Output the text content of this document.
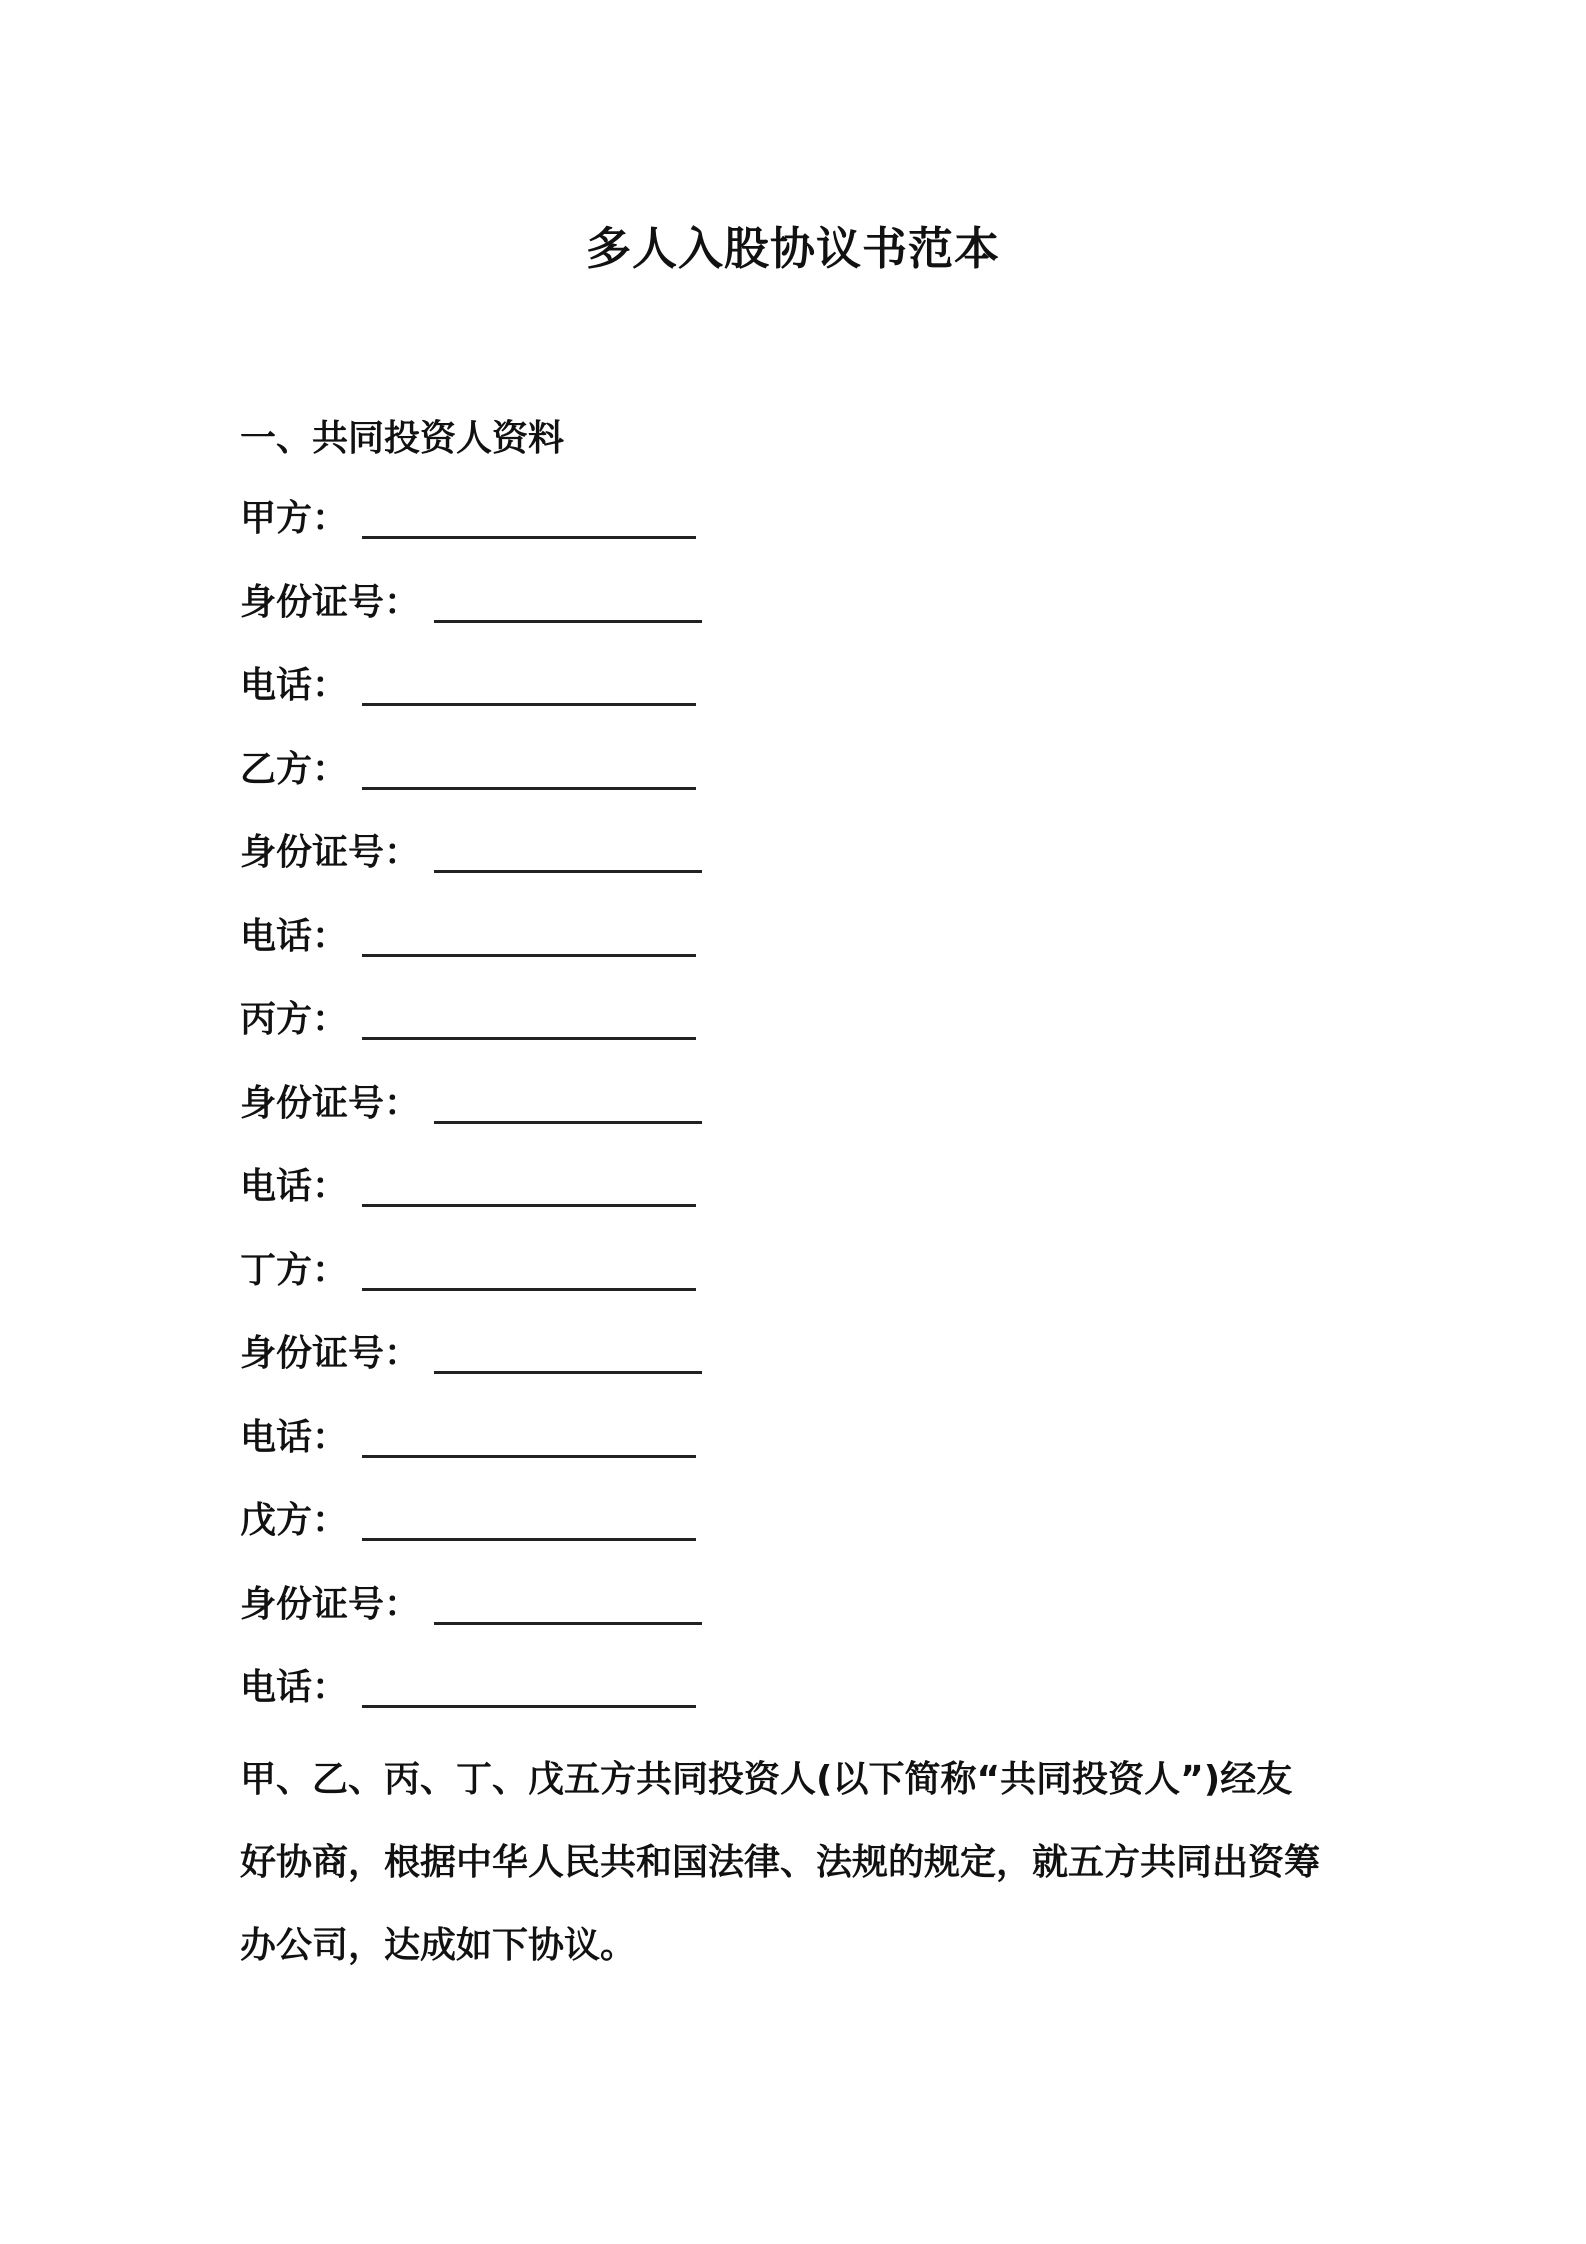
多人入股协议书范本
一、共同投资人资料
甲方：
身份证号：
电话：
乙方：
身份证号：
电话：
丙方：
身份证号：
电话：
丁方：
身份证号：
电话：
戊方：
身份证号：
电话：

甲、乙、丙、丁、戊五方共同投资人(以下简称“共同投资人”)经友
好协商，根据中华人民共和国法律、法规的规定，就五方共同出资筹
办公司，达成如下协议。
